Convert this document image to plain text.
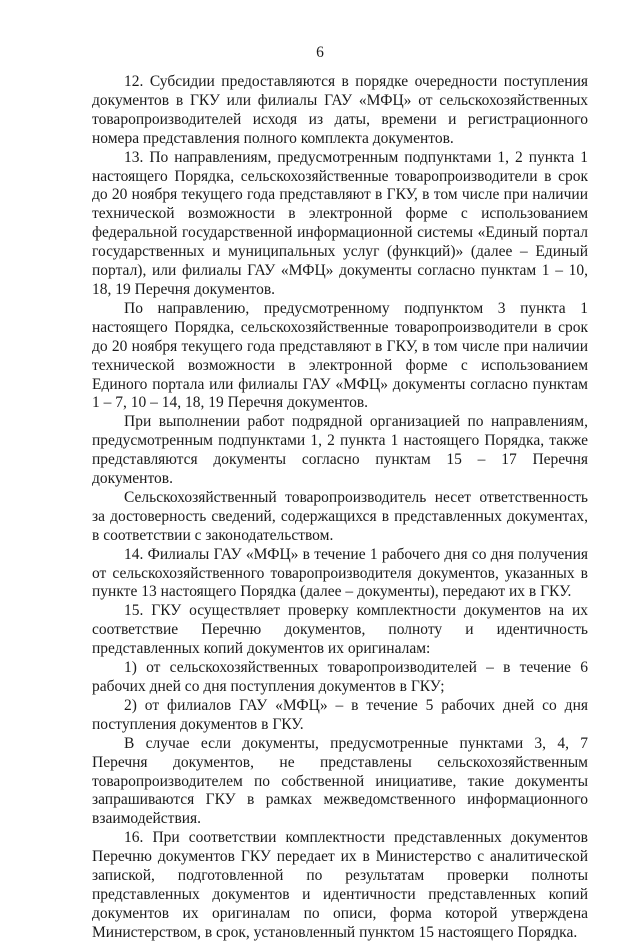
6

12. Субсидии предоставляются в порядке очередности поступления документов в ГКУ или филиалы ГАУ «МФЦ» от сельскохозяйственных товаропроизводителей исходя из даты, времени и регистрационного номера представления полного комплекта документов.

13. По направлениям, предусмотренным подпунктами 1, 2 пункта 1 настоящего Порядка, сельскохозяйственные товаропроизводители в срок до 20 ноября текущего года представляют в ГКУ, в том числе при наличии технической возможности в электронной форме с использованием федеральной государственной информационной системы «Единый портал государственных и муниципальных услуг (функций)» (далее – Единый портал), или филиалы ГАУ «МФЦ» документы согласно пунктам 1 – 10, 18, 19 Перечня документов.

По направлению, предусмотренному подпунктом 3 пункта 1 настоящего Порядка, сельскохозяйственные товаропроизводители в срок до 20 ноября текущего года представляют в ГКУ, в том числе при наличии технической возможности в электронной форме с использованием Единого портала или филиалы ГАУ «МФЦ» документы согласно пунктам 1 – 7, 10 – 14, 18, 19 Перечня документов.

При выполнении работ подрядной организацией по направлениям, предусмотренным подпунктами 1, 2 пункта 1 настоящего Порядка, также представляются документы согласно пунктам 15 – 17 Перечня документов.

Сельскохозяйственный товаропроизводитель несет ответственность за достоверность сведений, содержащихся в представленных документах, в соответствии с законодательством.

14. Филиалы ГАУ «МФЦ» в течение 1 рабочего дня со дня получения от сельскохозяйственного товаропроизводителя документов, указанных в пункте 13 настоящего Порядка (далее – документы), передают их в ГКУ.

15. ГКУ осуществляет проверку комплектности документов на их соответствие Перечню документов, полноту и идентичность представленных копий документов их оригиналам:

1) от сельскохозяйственных товаропроизводителей – в течение 6 рабочих дней со дня поступления документов в ГКУ;

2) от филиалов ГАУ «МФЦ» – в течение 5 рабочих дней со дня поступления документов в ГКУ.

В случае если документы, предусмотренные пунктами 3, 4, 7 Перечня документов, не представлены сельскохозяйственным товаропроизводителем по собственной инициативе, такие документы запрашиваются ГКУ в рамках межведомственного информационного взаимодействия.

16. При соответствии комплектности представленных документов Перечню документов ГКУ передает их в Министерство с аналитической запиской, подготовленной по результатам проверки полноты представленных документов и идентичности представленных копий документов их оригиналам по описи, форма которой утверждена Министерством, в срок, установленный пунктом 15 настоящего Порядка.
